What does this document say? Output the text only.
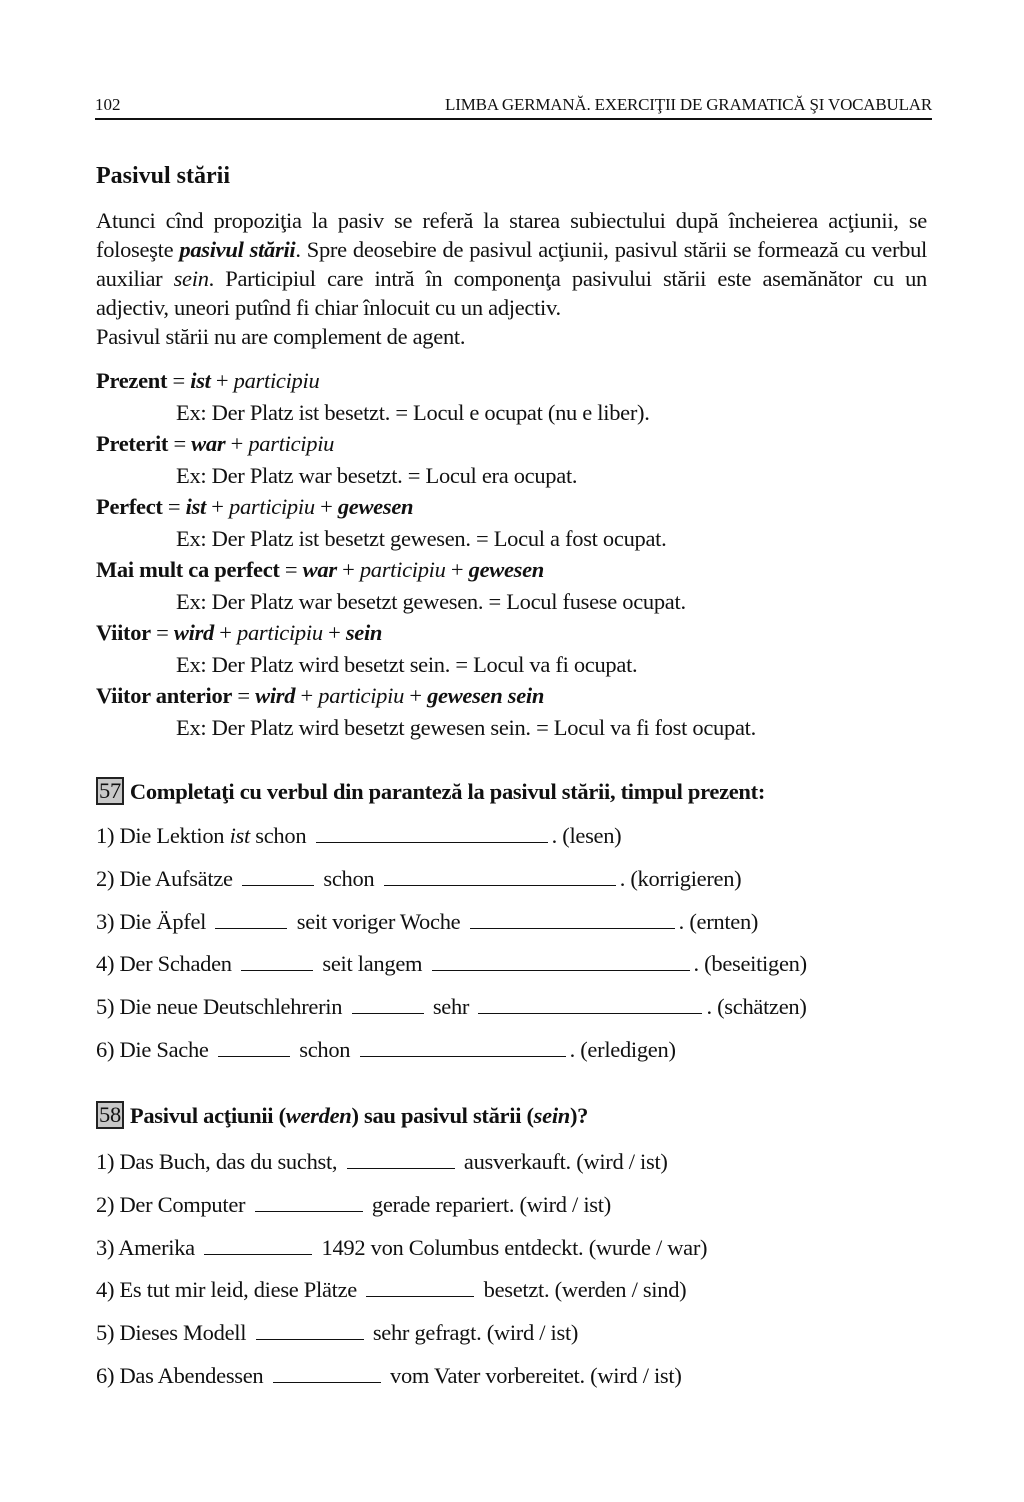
102	LIMBA GERMANĂ. EXERCIŢII DE GRAMATICĂ ŞI VOCABULAR
Pasivul stării
Atunci cînd propoziţia la pasiv se referă la starea subiectului după încheierea acţiunii, se foloseşte pasivul stării. Spre deosebire de pasivul acţiunii, pasivul stării se formează cu verbul auxiliar sein. Participiul care intră în componenţa pasivului stării este asemănător cu un adjectiv, uneori putînd fi chiar înlocuit cu un adjectiv.
Pasivul stării nu are complement de agent.
Prezent = ist + participiu
Ex: Der Platz ist besetzt. = Locul e ocupat (nu e liber).
Preterit = war + participiu
Ex: Der Platz war besetzt. = Locul era ocupat.
Perfect = ist + participiu + gewesen
Ex: Der Platz ist besetzt gewesen. = Locul a fost ocupat.
Mai mult ca perfect = war + participiu + gewesen
Ex: Der Platz war besetzt gewesen. = Locul fusese ocupat.
Viitor = wird + participiu + sein
Ex: Der Platz wird besetzt sein. = Locul va fi ocupat.
Viitor anterior = wird + participiu + gewesen sein
Ex: Der Platz wird besetzt gewesen sein. = Locul va fi fost ocupat.
57 Completaţi cu verbul din paranteză la pasivul stării, timpul prezent:
1) Die Lektion ist schon	. (lesen)
2) Die Aufsätze	schon	. (korrigieren)
3) Die Äpfel	seit voriger Woche	. (ernten)
4) Der Schaden	seit langem	. (beseitigen)
5) Die neue Deutschlehrerin	sehr	. (schätzen)
6) Die Sache	schon	. (erledigen)
58 Pasivul acţiunii (werden) sau pasivul stării (sein)?
1) Das Buch, das du suchst,	ausverkauft. (wird / ist)
2) Der Computer	gerade repariert. (wird / ist)
3) Amerika	1492 von Columbus entdeckt. (wurde / war)
4) Es tut mir leid, diese Plätze	besetzt. (werden / sind)
5) Dieses Modell	sehr gefragt. (wird / ist)
6) Das Abendessen	vom Vater vorbereitet. (wird / ist)
